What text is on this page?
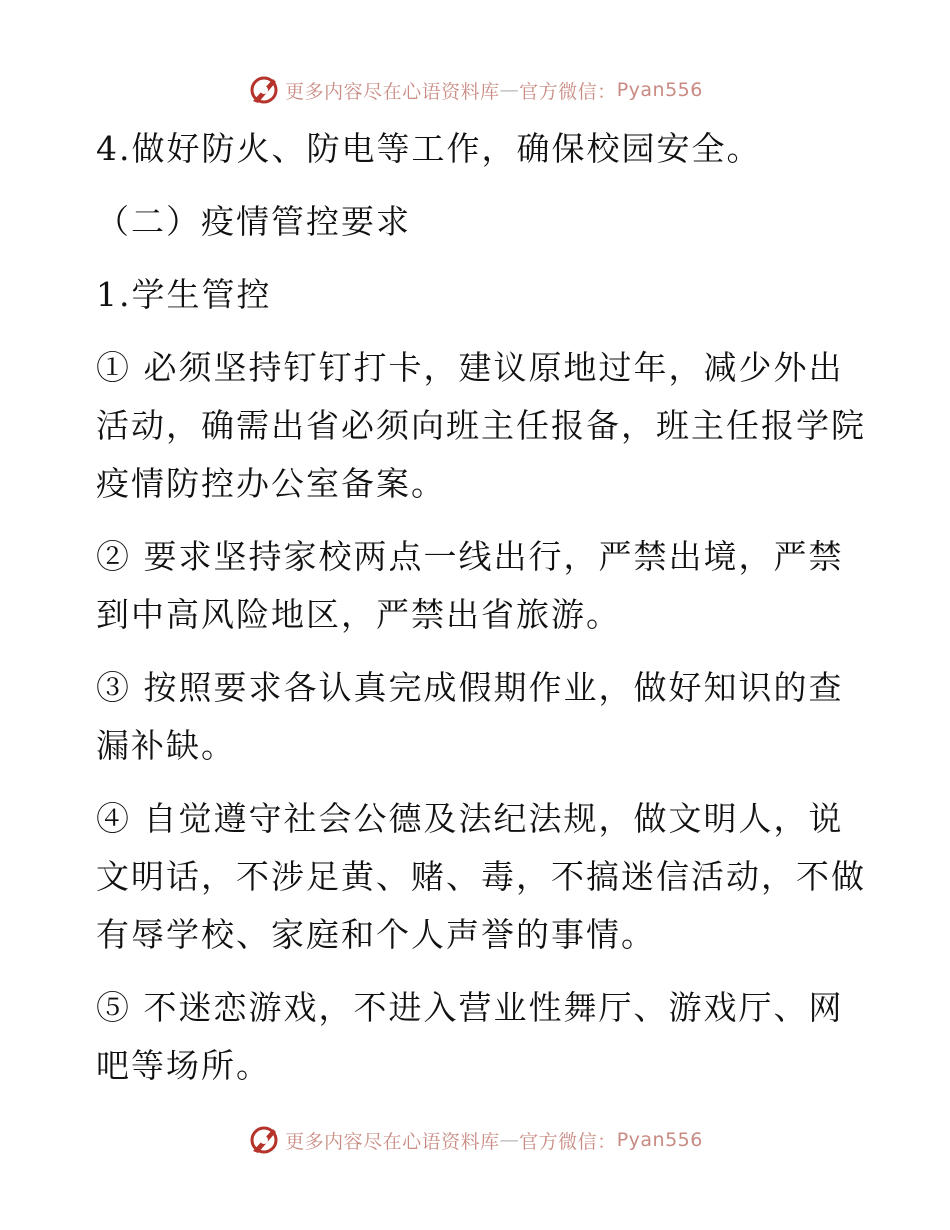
更多内容尽在心语资料库 — 官方微信： Pyan556
4.做好防火、防电等工作，确保校园安全。
（二）疫情管控要求
1.学生管控
① 必须坚持钉钉打卡，建议原地过年，减少外出
活动，确需出省必须向班主任报备，班主任报学院
疫情防控办公室备案。
② 要求坚持家校两点一线出行，严禁出境，严禁
到中高风险地区，严禁出省旅游。
③ 按照要求各认真完成假期作业，做好知识的查
漏补缺。
④ 自觉遵守社会公德及法纪法规，做文明人，说
文明话，不涉足黄、赌、毒，不搞迷信活动，不做
有辱学校、家庭和个人声誉的事情。
⑤ 不迷恋游戏，不进入营业性舞厅、游戏厅、网
吧等场所。
更多内容尽在心语资料库 — 官方微信： Pyan556
